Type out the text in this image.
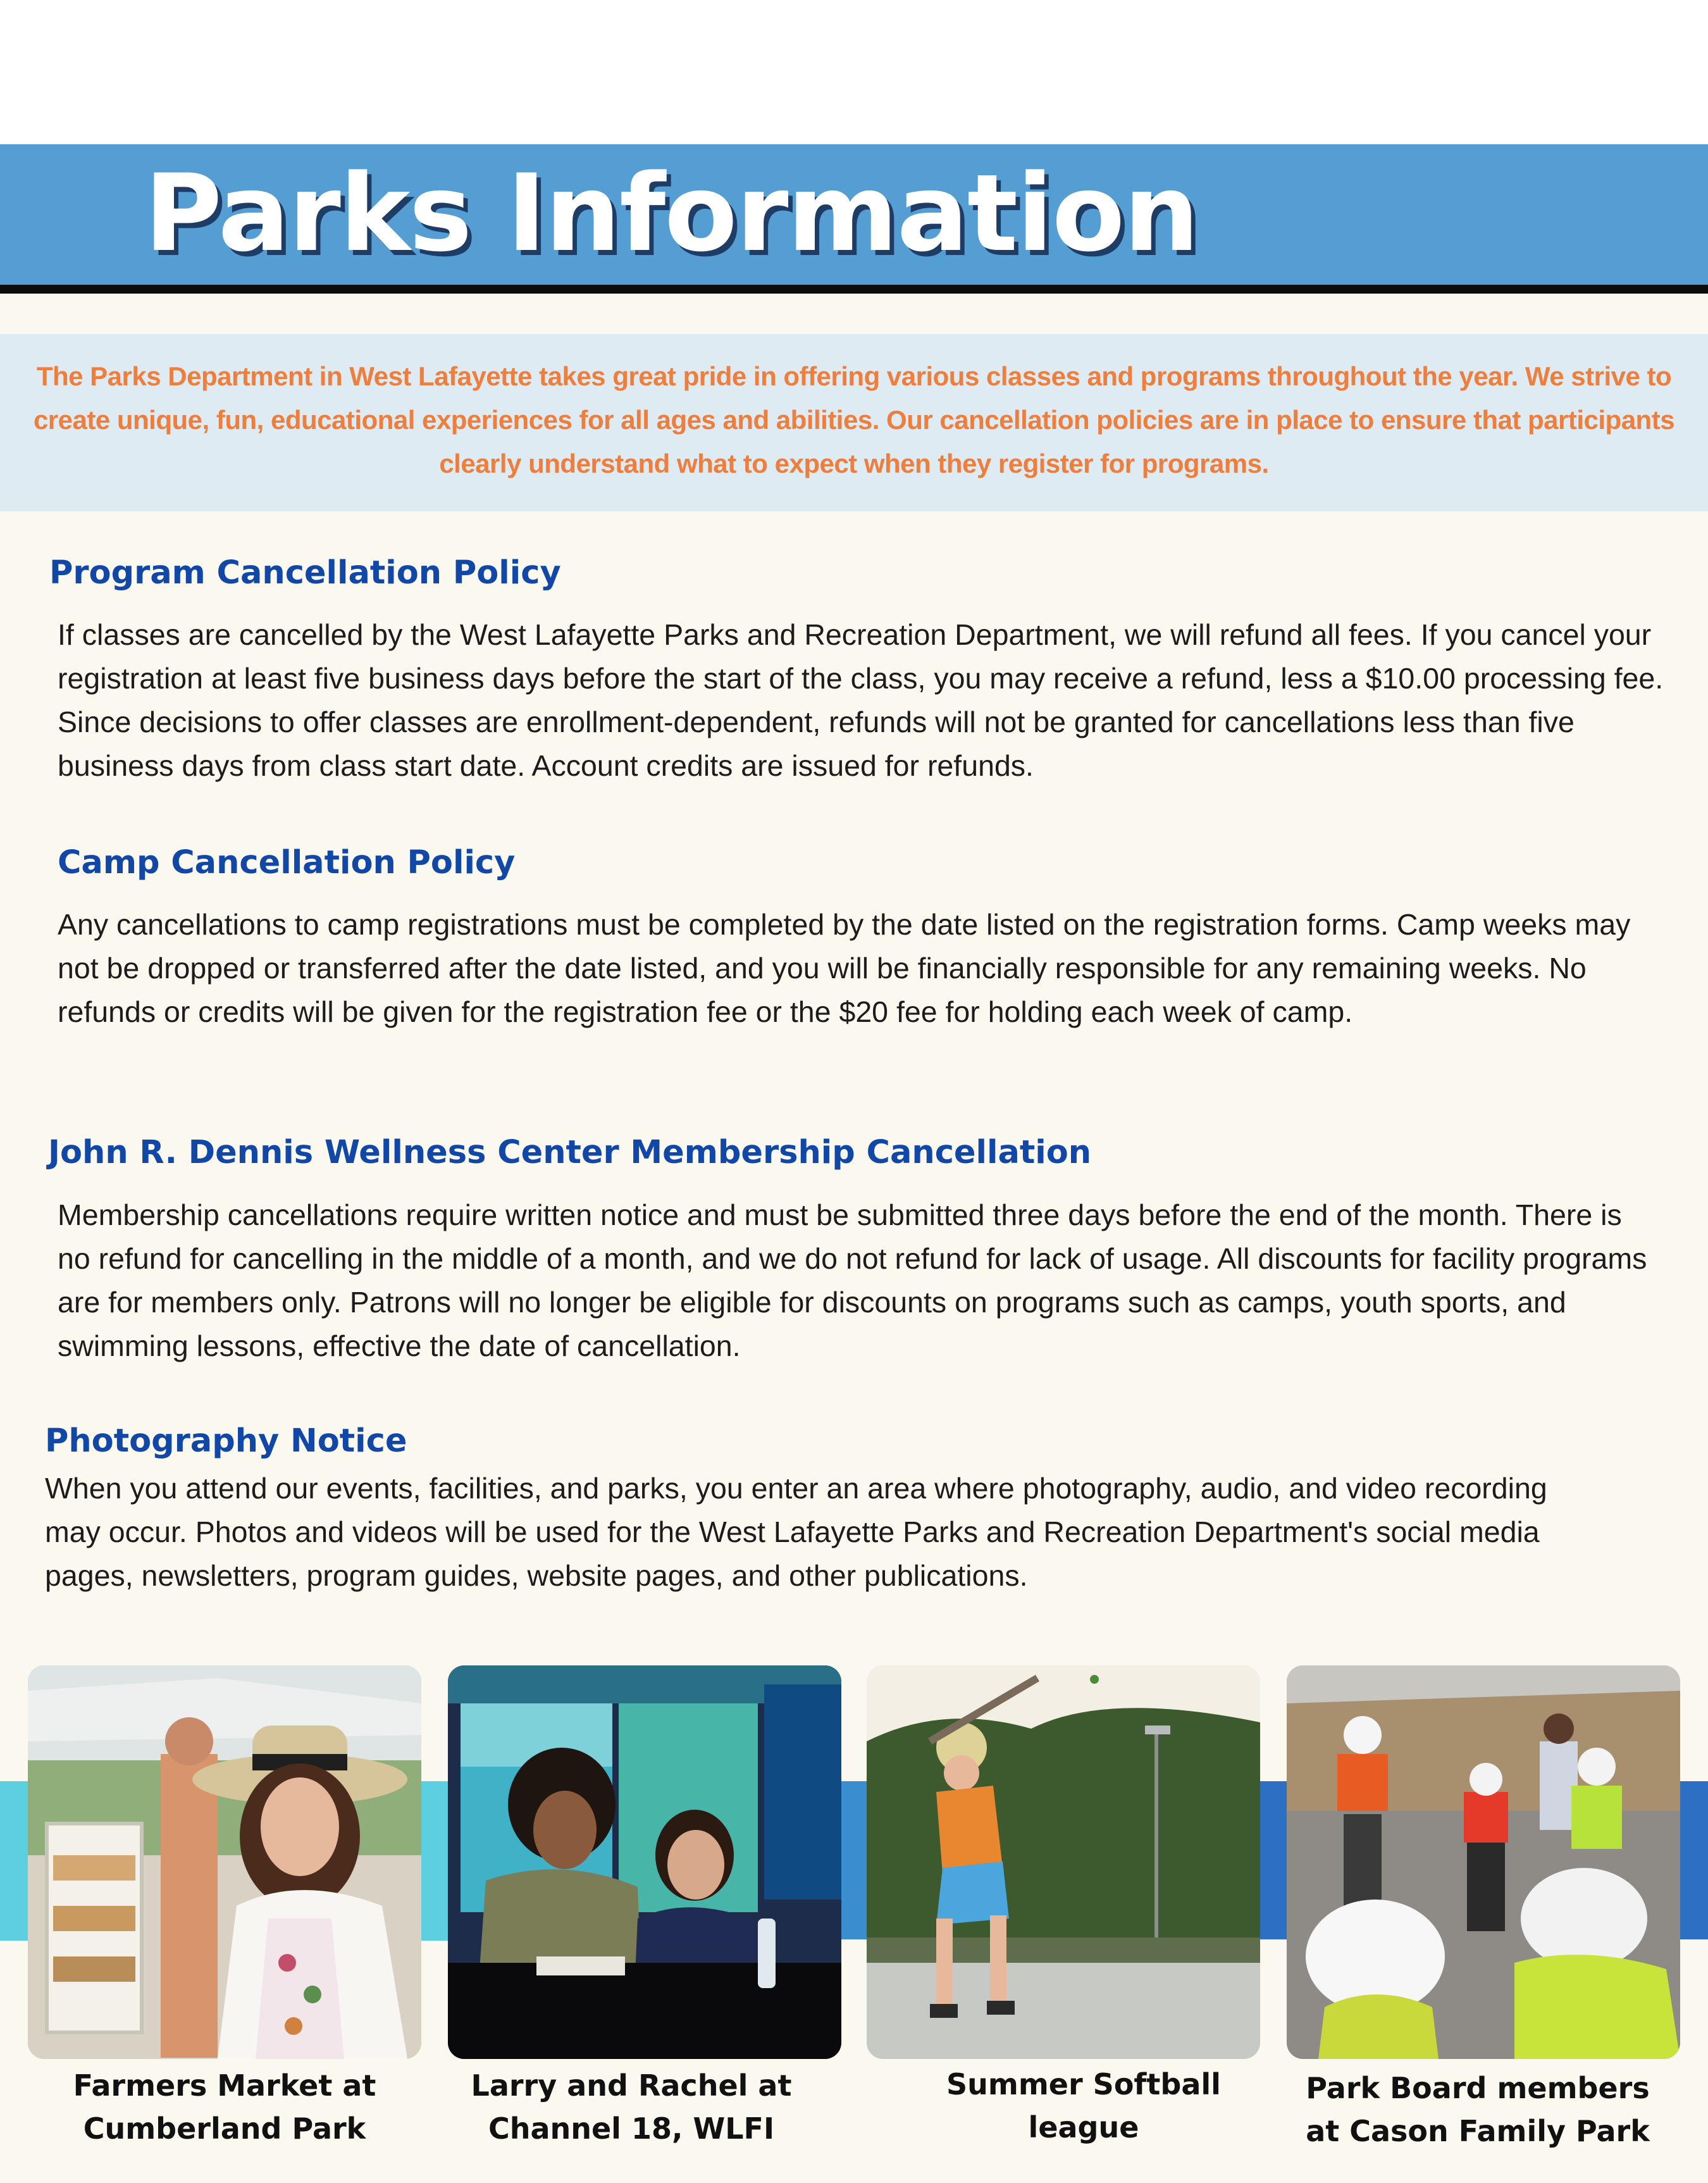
Parks Information

The Parks Department in West Lafayette takes great pride in offering various classes and programs throughout the year. We strive to create unique, fun, educational experiences for all ages and abilities. Our cancellation policies are in place to ensure that participants clearly understand what to expect when they register for programs.

Program Cancellation Policy

If classes are cancelled by the West Lafayette Parks and Recreation Department, we will refund all fees. If you cancel your registration at least five business days before the start of the class, you may receive a refund, less a $10.00 processing fee. Since decisions to offer classes are enrollment-dependent, refunds will not be granted for cancellations less than five business days from class start date. Account credits are issued for refunds.

Camp Cancellation Policy

Any cancellations to camp registrations must be completed by the date listed on the registration forms. Camp weeks may not be dropped or transferred after the date listed, and you will be financially responsible for any remaining weeks. No refunds or credits will be given for the registration fee or the $20 fee for holding each week of camp.

John R. Dennis Wellness Center Membership Cancellation

Membership cancellations require written notice and must be submitted three days before the end of the month. There is no refund for cancelling in the middle of a month, and we do not refund for lack of usage. All discounts for facility programs are for members only. Patrons will no longer be eligible for discounts on programs such as camps, youth sports, and swimming lessons, effective the date of cancellation.

Photography Notice

When you attend our events, facilities, and parks, you enter an area where photography, audio, and video recording may occur. Photos and videos will be used for the West Lafayette Parks and Recreation Department's social media pages, newsletters, program guides, website pages, and other publications.

Farmers Market at
Cumberland Park

Larry and Rachel at
Channel 18, WLFI

Summer Softball
league

Park Board members
at Cason Family Park
